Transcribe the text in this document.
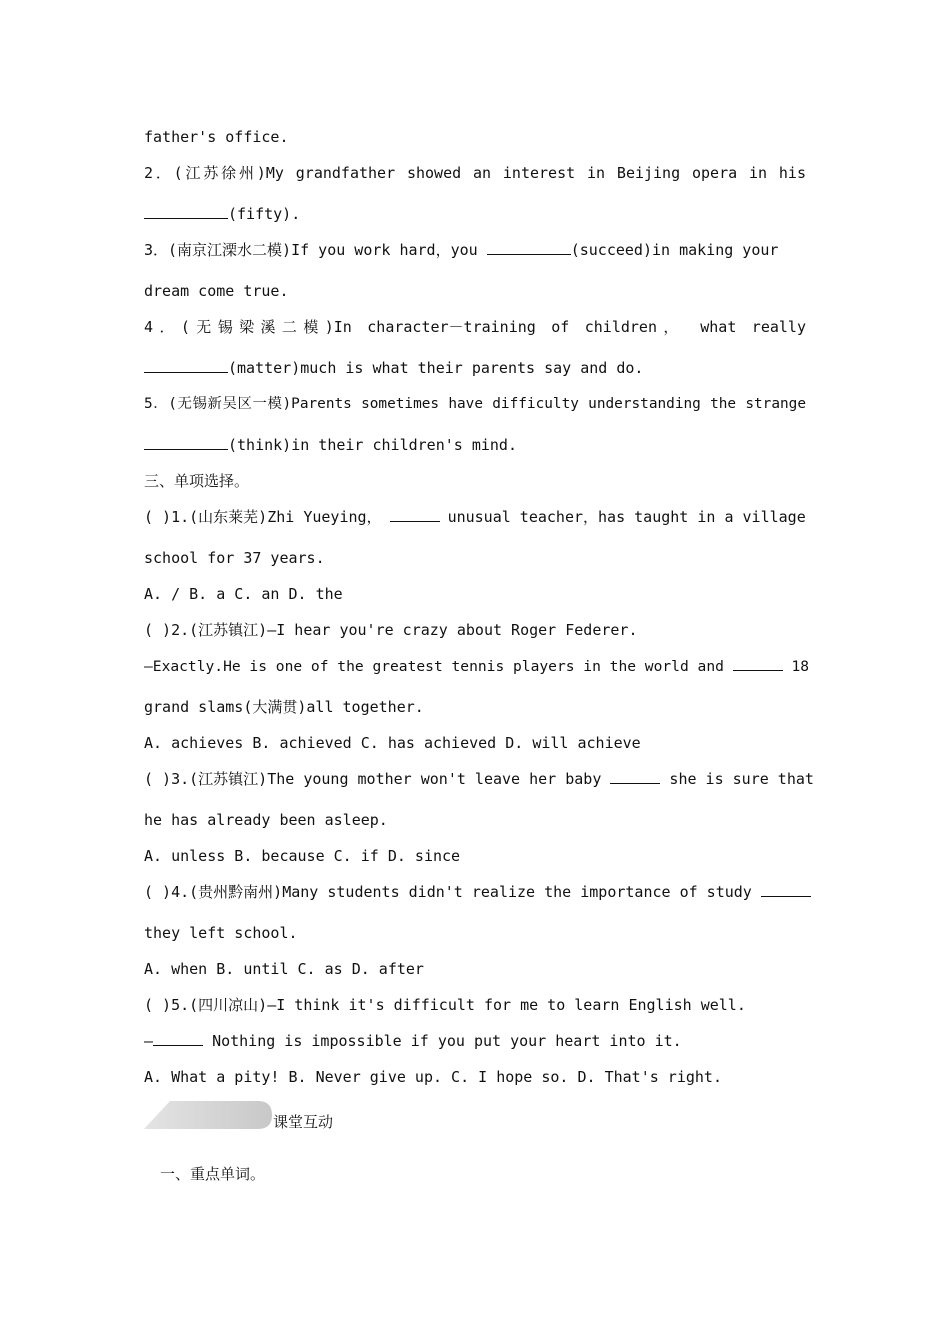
father's office.
2．(江苏徐州)My grandfather showed an interest in Beijing opera in his
(fifty).
3．(南京江溧水二模)If you work hard，you	(succeed)in making your
dream come true.
4．(无锡梁溪二模)In character－training of children， what really
(matter)much is what their parents say and do.
5．(无锡新吴区一模)Parents sometimes have difficulty understanding the strange
(think)in their children's mind.
三、单项选择。
( )1.(山东莱芜)Zhi Yueying，	unusual teacher，has taught in a village
school for 37 years.
A. / B. a C. an D. the
( )2.(江苏镇江)—I hear you're crazy about Roger Federer.
—Exactly.He is one of the greatest tennis players in the world and	18
grand slams(大满贯)all together.
A. achieves B. achieved C. has achieved D. will achieve
( )3.(江苏镇江)The young mother won't leave her baby	she is sure that
he has already been asleep.
A. unless B. because C. if D. since
( )4.(贵州黔南州)Many students didn't realize the importance of study
they left school.
A. when B. until C. as D. after
( )5.(四川凉山)—I think it's difficult for me to learn English well.
—	Nothing is impossible if you put your heart into it.
A. What a pity! B. Never give up. C. I hope so. D. That's right.
课堂互动
一、重点单词。
